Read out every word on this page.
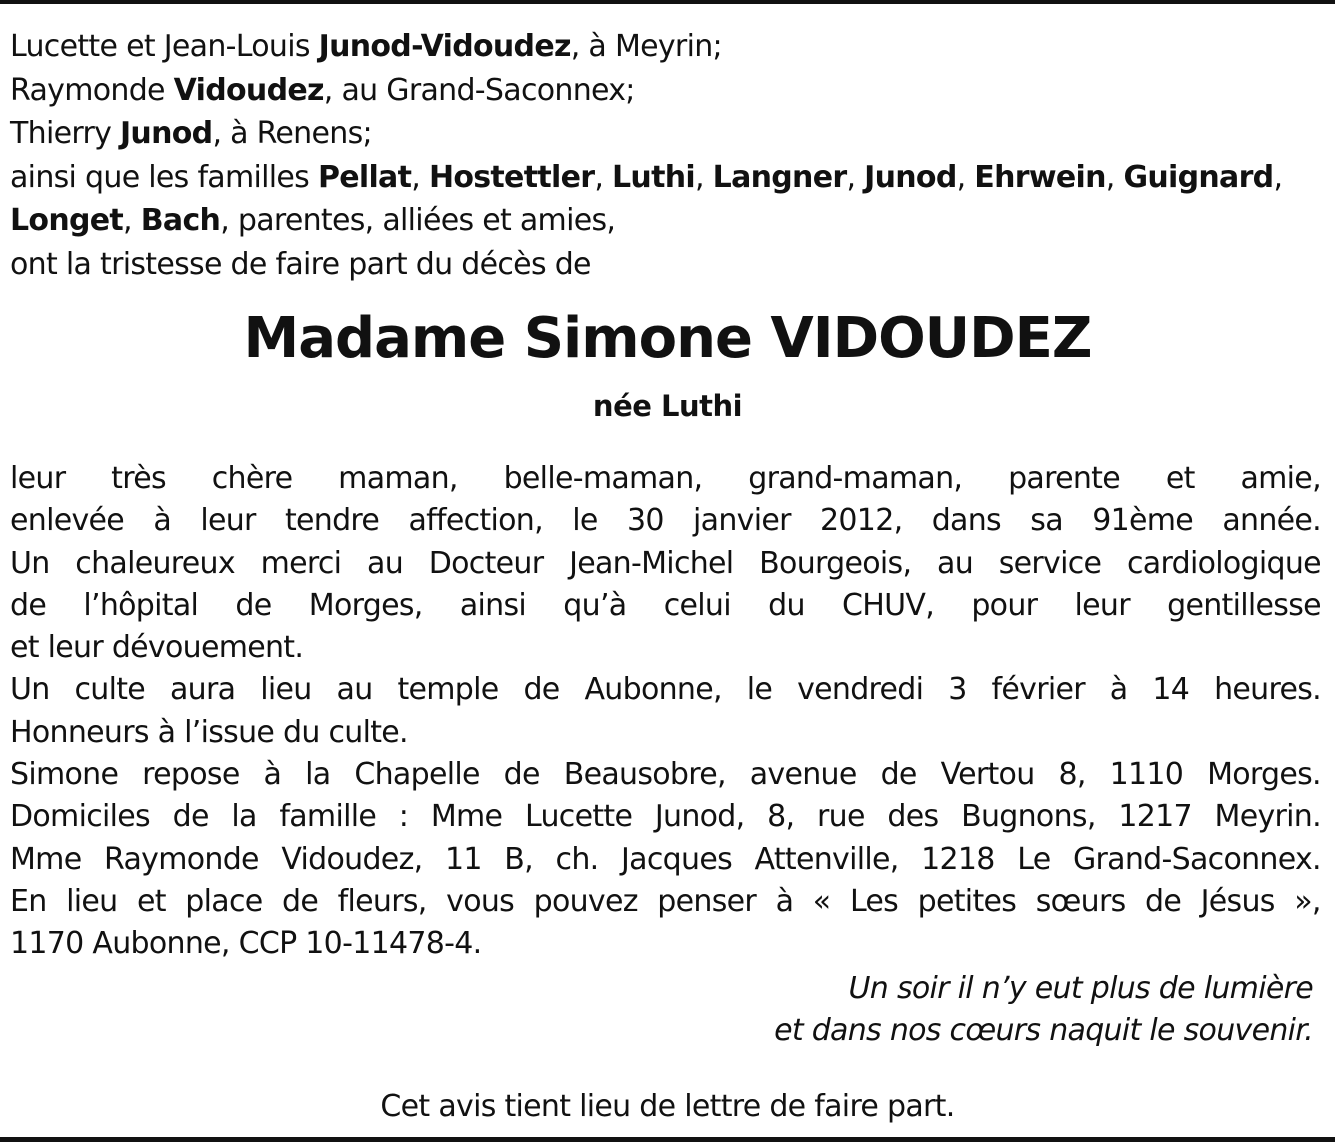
Lucette et Jean-Louis Junod-Vidoudez, à Meyrin;
Raymonde Vidoudez, au Grand-Saconnex;
Thierry Junod, à Renens;
ainsi que les familles Pellat, Hostettler, Luthi, Langner, Junod, Ehrwein, Guignard,
Longet, Bach, parentes, alliées et amies,
ont la tristesse de faire part du décès de
Madame Simone VIDOUDEZ
née Luthi
leur très chère maman, belle-maman, grand-maman, parente et amie,
enlevée à leur tendre affection, le 30 janvier 2012, dans sa 91ème année.
Un chaleureux merci au Docteur Jean-Michel Bourgeois, au service cardiologique
de l’hôpital de Morges, ainsi qu’à celui du CHUV, pour leur gentillesse
et leur dévouement.
Un culte aura lieu au temple de Aubonne, le vendredi 3 février à 14 heures.
Honneurs à l’issue du culte.
Simone repose à la Chapelle de Beausobre, avenue de Vertou 8, 1110 Morges.
Domiciles de la famille : Mme Lucette Junod, 8, rue des Bugnons, 1217 Meyrin.
Mme Raymonde Vidoudez, 11 B, ch. Jacques Attenville, 1218 Le Grand-Saconnex.
En lieu et place de fleurs, vous pouvez penser à « Les petites sœurs de Jésus »,
1170 Aubonne, CCP 10-11478-4.
Un soir il n’y eut plus de lumière
et dans nos cœurs naquit le souvenir.
Cet avis tient lieu de lettre de faire part.
